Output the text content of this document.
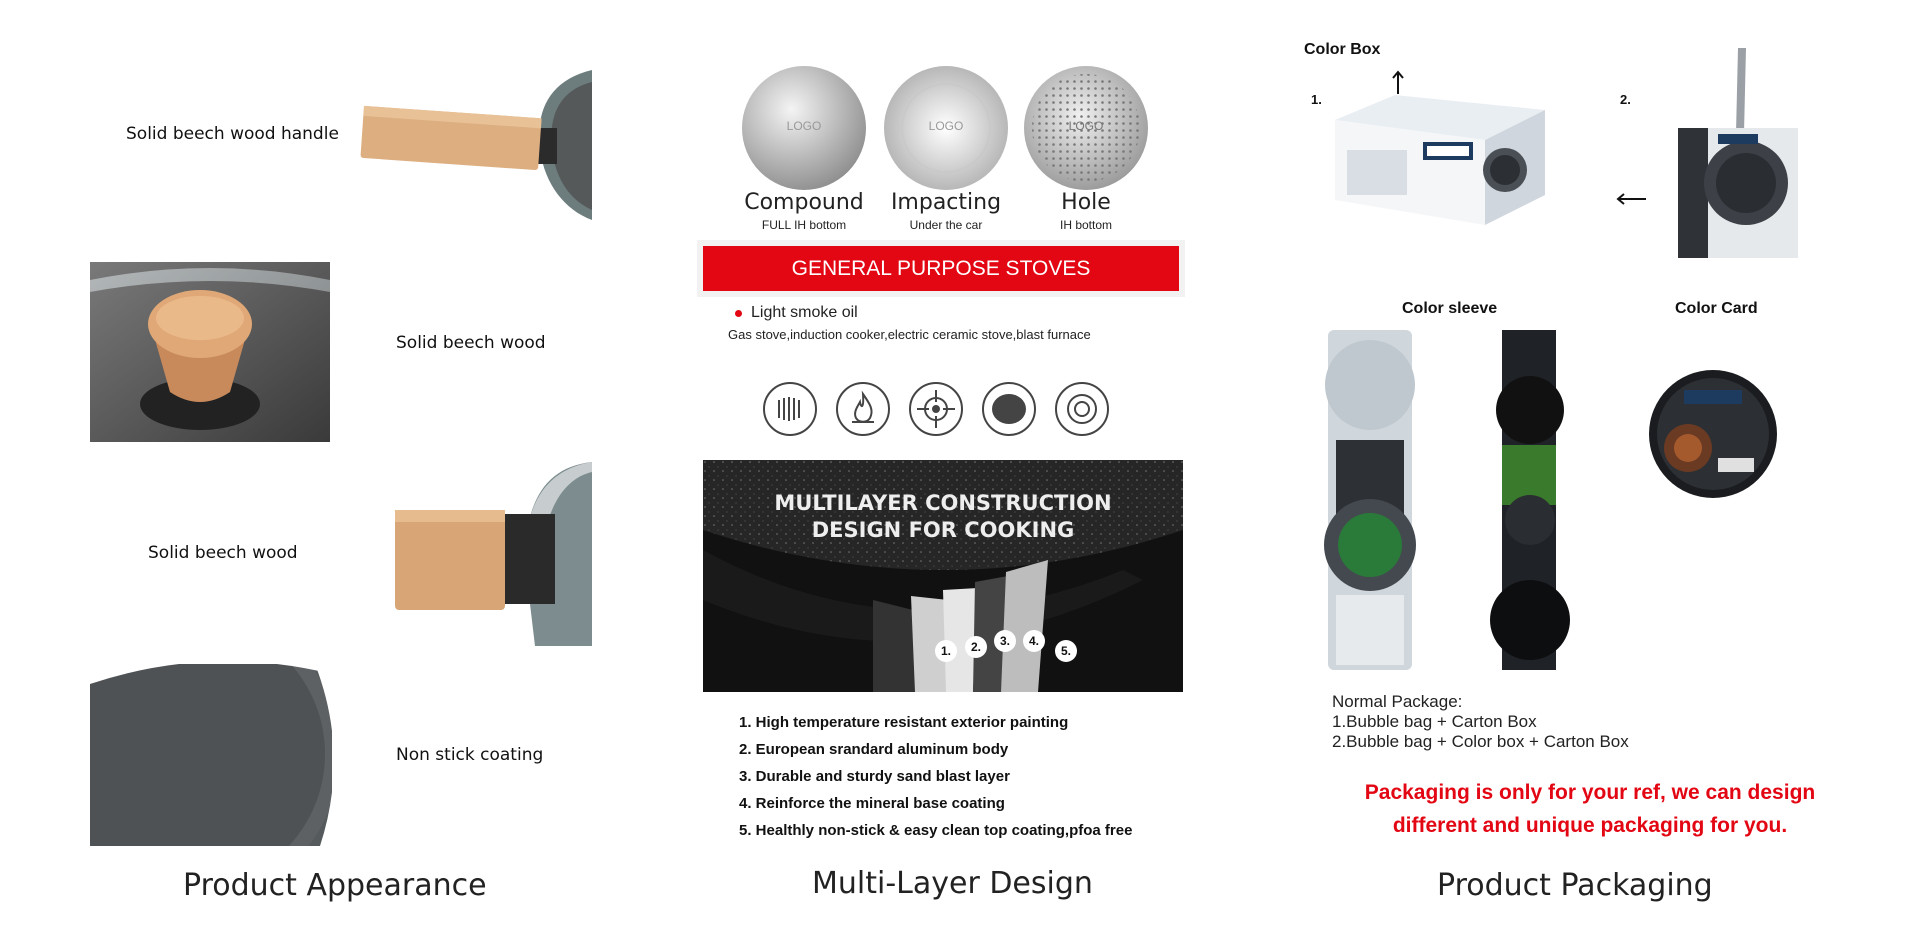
Solid beech wood handle
Solid beech wood
Solid beech wood
Non stick coating
Product Appearance
LOGO	LOGO	LOGO
Compound
FULL IH bottom
Impacting
Under the car
Hole
IH bottom
GENERAL PURPOSE STOVES
Light smoke oil
Gas stove,induction cooker,electric ceramic stove,blast furnace
MULTILAYER CONSTRUCTION
DESIGN FOR COOKING
1.	2.	3.	4.
5.
1. High temperature resistant exterior painting
2. European srandard aluminum body
3. Durable and sturdy sand blast layer
4. Reinforce the mineral base coating
5. Healthly non-stick & easy clean top coating,pfoa free
Multi-Layer Design
Color Box
1.	2.
Color sleeve	Color Card
Normal Package:
1.Bubble bag + Carton Box
2.Bubble bag + Color box + Carton Box
Packaging is only for your ref, we can design
different and unique packaging for you.
Product Packaging
